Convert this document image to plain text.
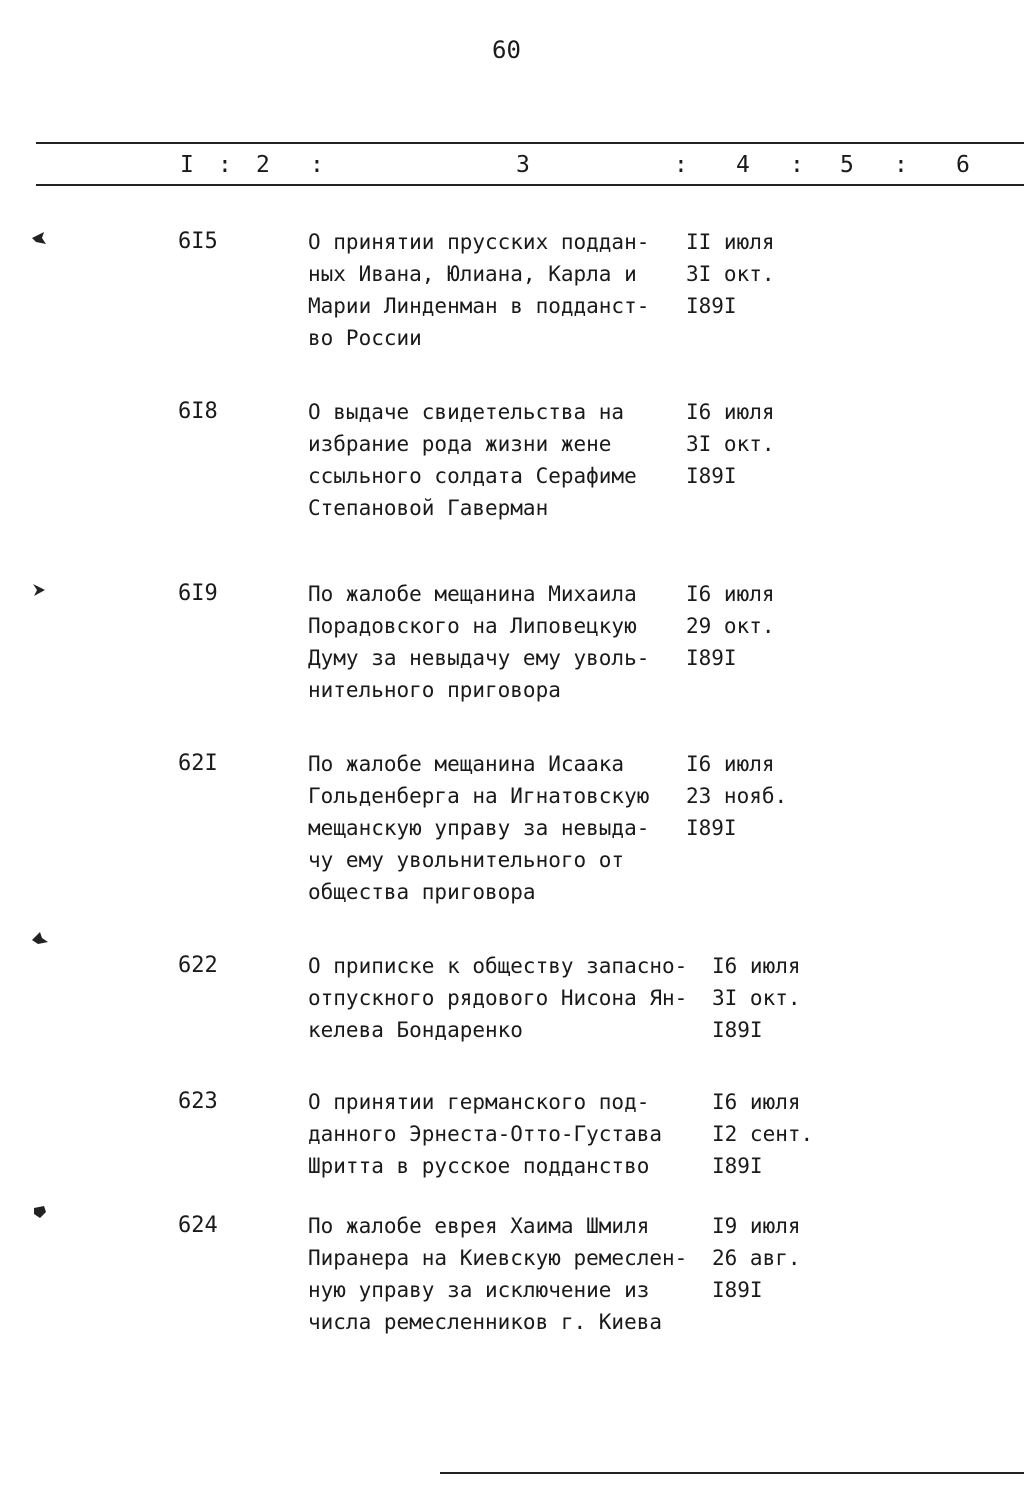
60
I : 2 :	3	: 4 : 5 : 6
6I5	О принятии прусских поддан-
ных Ивана, Юлиана, Карла и
Марии Линденман в подданст-
во России
II июля
3I окт.
I89I
6I8	О выдаче свидетельства на
избрание рода жизни жене
ссыльного солдата Серафиме
Степановой Гаверман
I6 июля
3I окт.
I89I
6I9	По жалобе мещанина Михаила
Порадовского на Липовецкую
Думу за невыдачу ему уволь-
нительного приговора
I6 июля
29 окт.
I89I
62I	По жалобе мещанина Исаака
Гольденберга на Игнатовскую
мещанскую управу за невыда-
чу ему увольнительного от
общества приговора
I6 июля
23 нояб.
I89I
622	О приписке к обществу запасно-
отпускного рядового Нисона Ян-
келева Бондаренко
I6 июля
3I окт.
I89I
623	О принятии германского под-
данного Эрнеста-Отто-Густава
Шритта в русское подданство
I6 июля
I2 сент.
I89I
624	По жалобе еврея Хаима Шмиля
Пиранера на Киевскую ремеслен-
ную управу за исключение из
числа ремесленников г. Киева
I9 июля
26 авг.
I89I
